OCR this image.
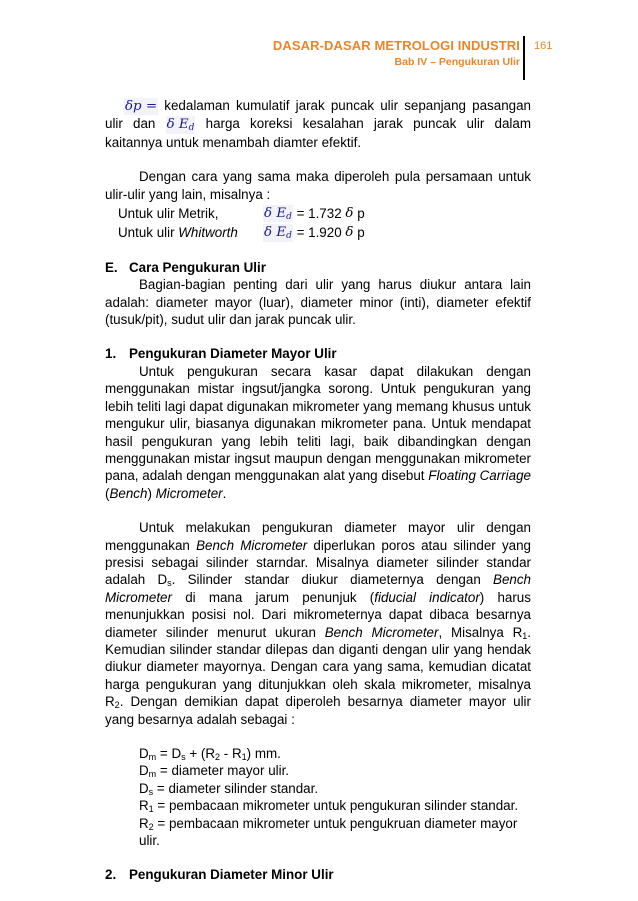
DASAR-DASAR METROLOGI INDUSTRI
Bab IV – Pengukuran Ulir
161

δp = kedalaman kumulatif jarak puncak ulir sepanjang pasangan ulir dan δ $E_d$ harga koreksi kesalahan jarak puncak ulir dalam kaitannya untuk menambah diamter efektif.

Dengan cara yang sama maka diperoleh pula persamaan untuk ulir-ulir yang lain, misalnya :

Untuk ulir Metrik,	δ $E_d$
= 1.732
δ
p
Untuk ulir Whitworth	δ $E_d$
= 1.920
δ
p

E. Cara Pengukuran Ulir

Bagian-bagian penting dari ulir yang harus diukur antara lain adalah: diameter mayor (luar), diameter minor (inti), diameter efektif (tusuk/pit), sudut ulir dan jarak puncak ulir.

1. Pengukuran Diameter Mayor Ulir

Untuk pengukuran secara kasar dapat dilakukan dengan menggunakan mistar ingsut/jangka sorong. Untuk pengukuran yang lebih teliti lagi dapat digunakan mikrometer yang memang khusus untuk mengukur ulir, biasanya digunakan mikrometer pana. Untuk mendapat hasil pengukuran yang lebih teliti lagi, baik dibandingkan dengan menggunakan mistar ingsut maupun dengan menggunakan mikrometer pana, adalah dengan menggunakan alat yang disebut Floating Carriage (Bench) Micrometer.

Untuk melakukan pengukuran diameter mayor ulir dengan menggunakan Bench Micrometer diperlukan poros atau silinder yang presisi sebagai silinder starndar. Misalnya diameter silinder standar adalah $D_s$. Silinder standar diukur diameternya dengan Bench Micrometer di mana jarum penunjuk (fiducial indicator) harus menunjukkan posisi nol. Dari mikrometernya dapat dibaca besarnya diameter silinder menurut ukuran Bench Micrometer, Misalnya $R_1$. Kemudian silinder standar dilepas dan diganti dengan ulir yang hendak diukur diameter mayornya. Dengan cara yang sama, kemudian dicatat harga pengukuran yang ditunjukkan oleh skala mikrometer, misalnya $R_2$. Dengan demikian dapat diperoleh besarnya diameter mayor ulir yang besarnya adalah sebagai :

$D_m = D_s + (R_2 - R_1)$ mm.

$D_m$ = diameter mayor ulir.

$D_s$ = diameter silinder standar.

$R_1$ = pembacaan mikrometer untuk pengukuran silinder standar.

$R_2$ = pembacaan mikrometer untuk pengukruan diameter mayor ulir.

2. Pengukuran Diameter Minor Ulir
